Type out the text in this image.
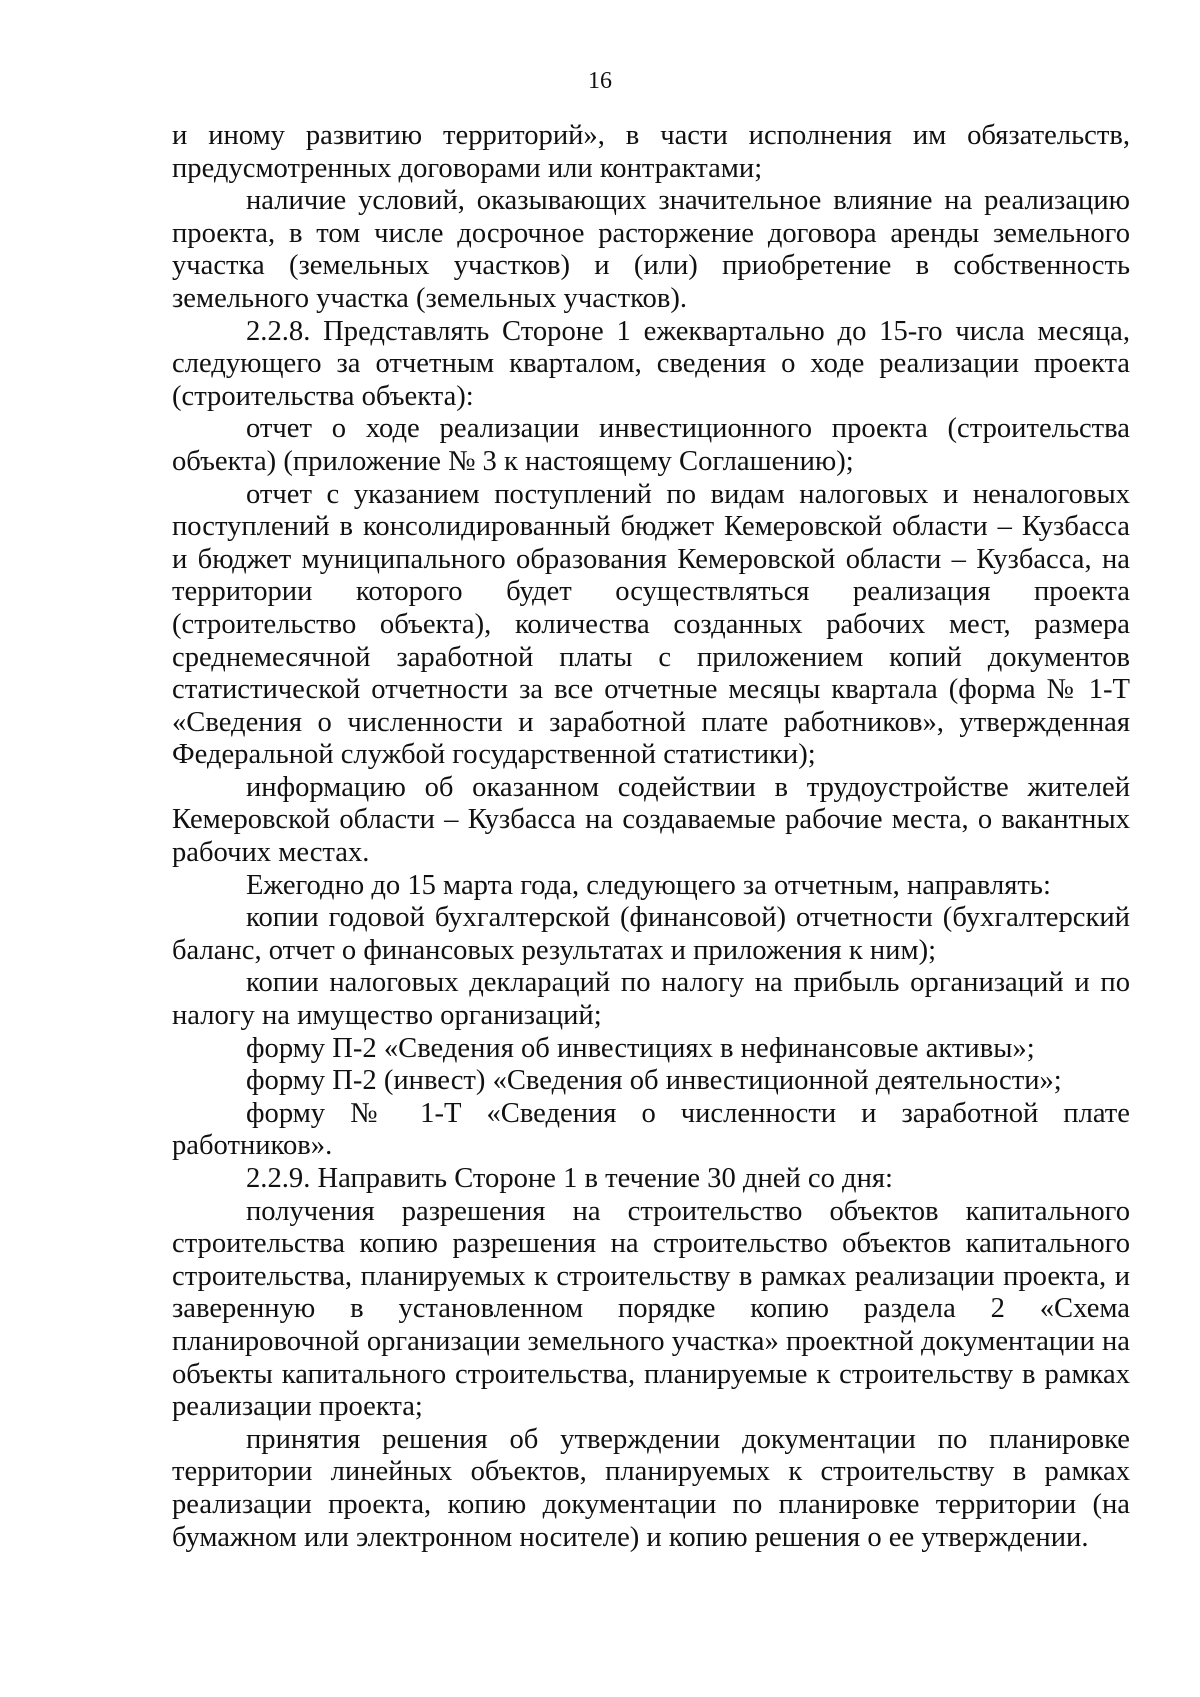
16

и иному развитию территорий», в части исполнения им обязательств, предусмотренных договорами или контрактами;

наличие условий, оказывающих значительное влияние на реализацию проекта, в том числе досрочное расторжение договора аренды земельного участка (земельных участков) и (или) приобретение в собственность земельного участка (земельных участков).

2.2.8. Представлять Стороне 1 ежеквартально до 15-го числа месяца, следующего за отчетным кварталом, сведения о ходе реализации проекта (строительства объекта):

отчет о ходе реализации инвестиционного проекта (строительства объекта) (приложение № 3 к настоящему Соглашению);

отчет с указанием поступлений по видам налоговых и неналоговых поступлений в консолидированный бюджет Кемеровской области – Кузбасса и бюджет муниципального образования Кемеровской области – Кузбасса, на территории которого будет осуществляться реализация проекта (строительство объекта), количества созданных рабочих мест, размера среднемесячной заработной платы с приложением копий документов статистической отчетности за все отчетные месяцы квартала (форма № 1-Т «Сведения о численности и заработной плате работников», утвержденная Федеральной службой государственной статистики);

информацию об оказанном содействии в трудоустройстве жителей Кемеровской области – Кузбасса на создаваемые рабочие места, о вакантных рабочих местах.

Ежегодно до 15 марта года, следующего за отчетным, направлять:

копии годовой бухгалтерской (финансовой) отчетности (бухгалтерский баланс, отчет о финансовых результатах и приложения к ним);

копии налоговых деклараций по налогу на прибыль организаций и по налогу на имущество организаций;

форму П-2 «Сведения об инвестициях в нефинансовые активы»;

форму П-2 (инвест) «Сведения об инвестиционной деятельности»;

форму № 1-Т «Сведения о численности и заработной плате работников».

2.2.9. Направить Стороне 1 в течение 30 дней со дня:

получения разрешения на строительство объектов капитального строительства копию разрешения на строительство объектов капитального строительства, планируемых к строительству в рамках реализации проекта, и заверенную в установленном порядке копию раздела 2 «Схема планировочной организации земельного участка» проектной документации на объекты капитального строительства, планируемые к строительству в рамках реализации проекта;

принятия решения об утверждении документации по планировке территории линейных объектов, планируемых к строительству в рамках реализации проекта, копию документации по планировке территории (на бумажном или электронном носителе) и копию решения о ее утверждении.
